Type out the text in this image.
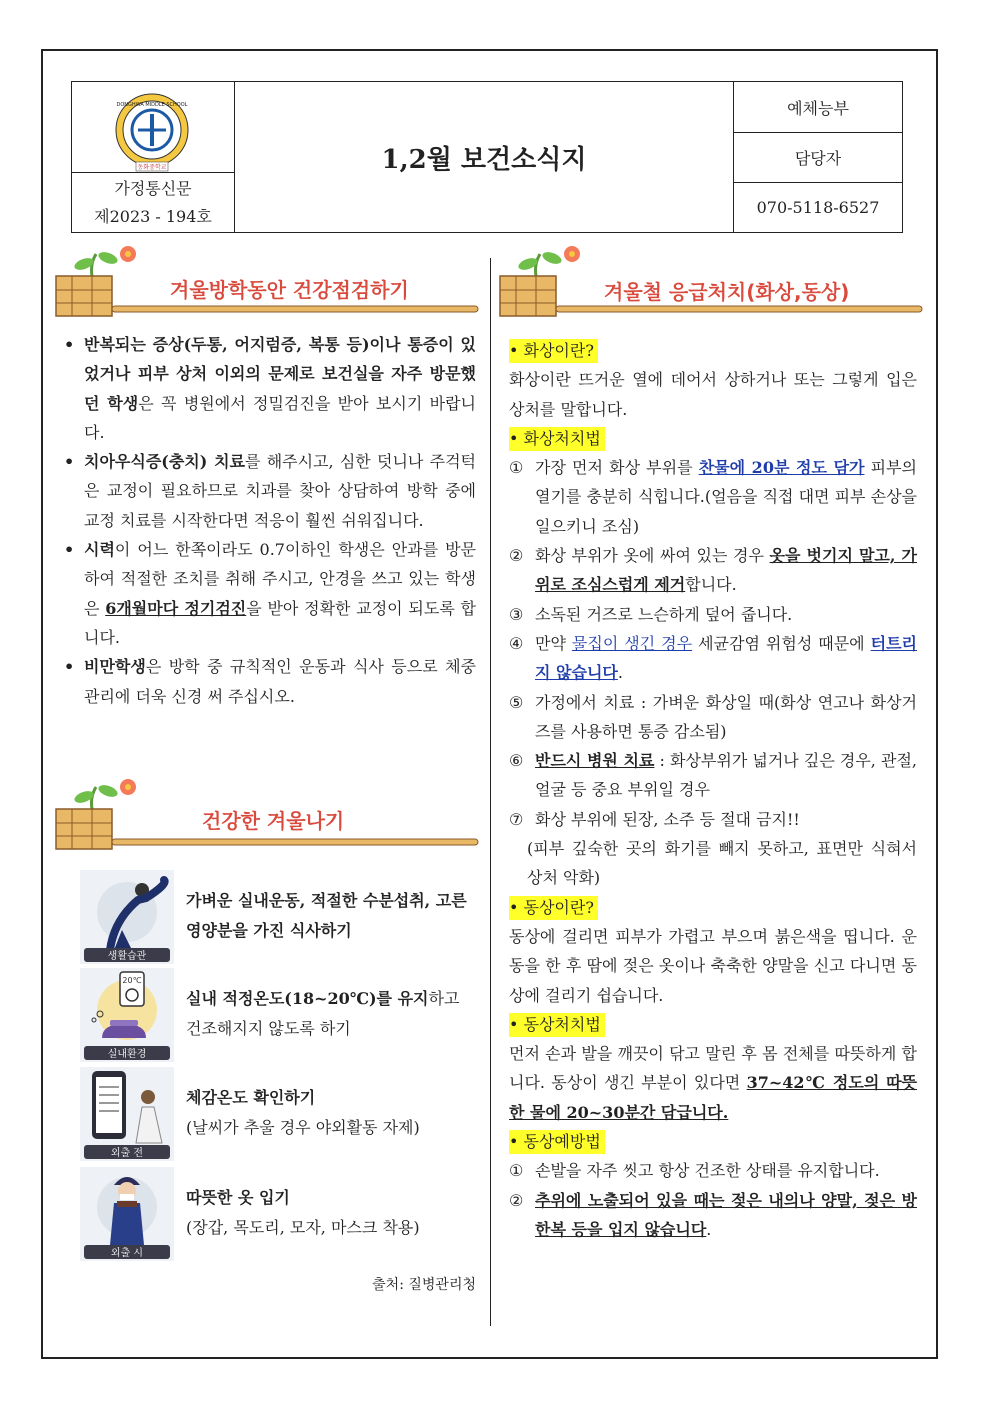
동화중학교
DONGHWA MIDDLE SCHOOL
가정통신문
제2023 - 194호
1,2월 보건소식지
예체능부
담당자
070-5118-6527
겨울방학동안 건강점검하기
• 반복되는 증상(두통, 어지럼증, 복통 등)이나 통증이 있었거나 피부 상처 이외의 문제로 보건실을 자주 방문했던 학생은 꼭 병원에서 정밀검진을 받아 보시기 바랍니다.
• 치아우식증(충치) 치료를 해주시고, 심한 덧니나 주걱턱은 교정이 필요하므로 치과를 찾아 상담하여 방학 중에 교정 치료를 시작한다면 적응이 훨씬 쉬워집니다.
• 시력이 어느 한쪽이라도 0.7이하인 학생은 안과를 방문하여 적절한 조치를 취해 주시고, 안경을 쓰고 있는 학생은 6개월마다 정기검진을 받아 정확한 교정이 되도록 합니다.
• 비만학생은 방학 중 규칙적인 운동과 식사 등으로 체중 관리에 더욱 신경 써 주십시오.
건강한 겨울나기
생활습관
가벼운 실내운동, 적절한 수분섭취, 고른 영양분을 가진 식사하기
20℃
실내환경
실내 적정온도(18~20℃)를 유지하고 건조해지지 않도록 하기
외출 전
체감온도 확인하기
(날씨가 추울 경우 야외활동 자제)
외출 시
따뜻한 옷 입기
(장갑, 목도리, 모자, 마스크 착용)
출처: 질병관리청
겨울철 응급처치(화상,동상)
• 화상이란?

화상이란 뜨거운 열에 데어서 상하거나 또는 그렇게 입은 상처를 말합니다.

• 화상처치법

① 가장 먼저 화상 부위를 찬물에 20분 정도 담가 피부의 열기를 충분히 식힙니다.(얼음을 직접 대면 피부 손상을 일으키니 조심)

② 화상 부위가 옷에 싸여 있는 경우 옷을 벗기지 말고, 가위로 조심스럽게 제거합니다.

③ 소독된 거즈로 느슨하게 덮어 줍니다.

④ 만약 물집이 생긴 경우 세균감염 위험성 때문에 터트리지 않습니다.

⑤ 가정에서 치료 : 가벼운 화상일 때(화상 연고나 화상거즈를 사용하면 통증 감소됨)

⑥ 반드시 병원 치료 : 화상부위가 넓거나 깊은 경우, 관절, 얼굴 등 중요 부위일 경우

⑦ 화상 부위에 된장, 소주 등 절대 금지!!

(피부 깊숙한 곳의 화기를 빼지 못하고, 표면만 식혀서 상처 악화)

• 동상이란?

동상에 걸리면 피부가 가렵고 부으며 붉은색을 띱니다. 운동을 한 후 땀에 젖은 옷이나 축축한 양말을 신고 다니면 동상에 걸리기 쉽습니다.

• 동상처치법

먼저 손과 발을 깨끗이 닦고 말린 후 몸 전체를 따뜻하게 합니다. 동상이 생긴 부분이 있다면 37~42℃ 정도의 따뜻한 물에 20~30분간 담급니다.

• 동상예방법

① 손발을 자주 씻고 항상 건조한 상태를 유지합니다.

② 추위에 노출되어 있을 때는 젖은 내의나 양말, 젖은 방한복 등을 입지 않습니다.
